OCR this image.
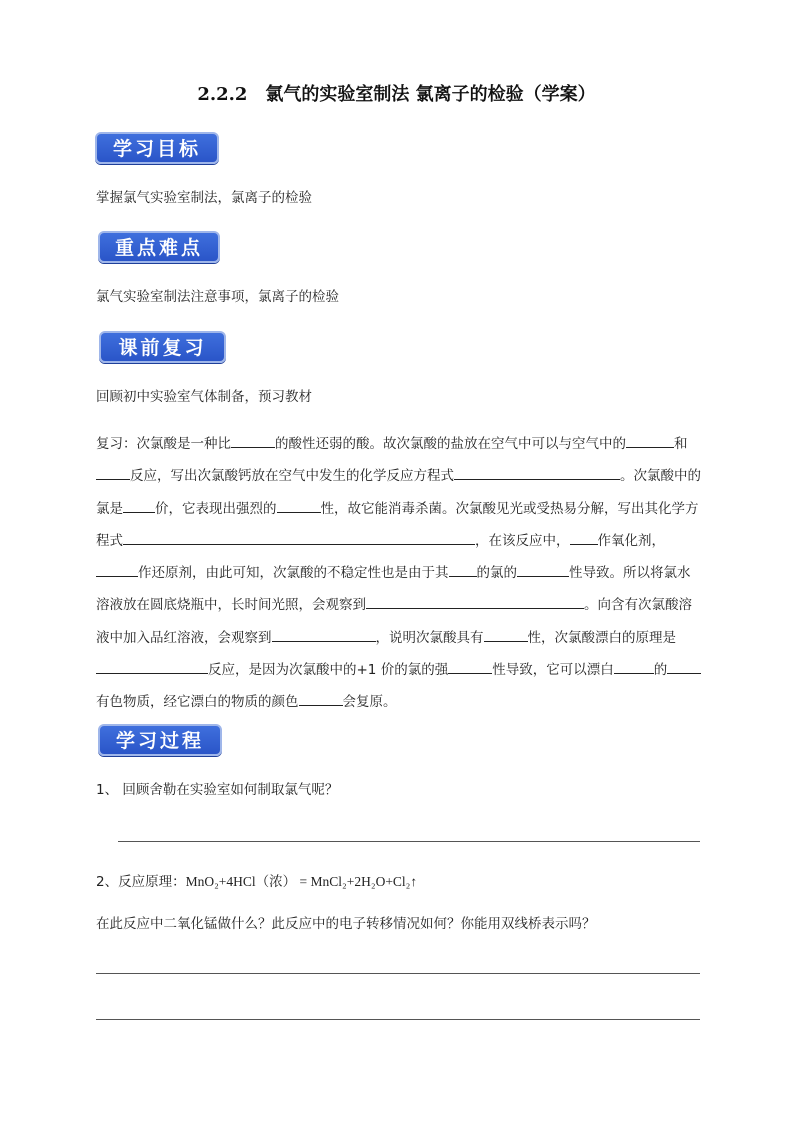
2.2.2　氯气的实验室制法 氯离子的检验（学案）
学习目标
掌握氯气实验室制法，氯离子的检验
重点难点
氯气实验室制法注意事项，氯离子的检验
课前复习
回顾初中实验室气体制备，预习教材
复习：次氯酸是一种比	的酸性还弱的酸。故次氯酸的盐放在空气中可以与空气中的	和反应，写出次氯酸钙放在空气中发生的化学反应方程式	。次氯酸中的氯是 价，它表现出强烈的	性，故它能消毒杀菌。次氯酸见光或受热易分解，写出其化学方程式	，在该反应中， 作氧化剂，作还原剂，由此可知，次氯酸的不稳定性也是由于其 的氯的	性导致。所以将氯水溶液放在圆底烧瓶中，长时间光照，会观察到	。向含有次氯酸溶液中加入品红溶液，会观察到	，说明次氯酸具有	性，次氯酸漂白的原理是反应，是因为次氯酸中的+1 价的氯的强	性导致，它可以漂白	的有色物质，经它漂白的物质的颜色	会复原。
学习过程
1、 回顾舍勒在实验室如何制取氯气呢？
2、反应原理：MnO₂+4HCl（浓） = MnCl₂+2H₂O+Cl₂↑
在此反应中二氧化锰做什么？此反应中的电子转移情况如何？你能用双线桥表示吗？
